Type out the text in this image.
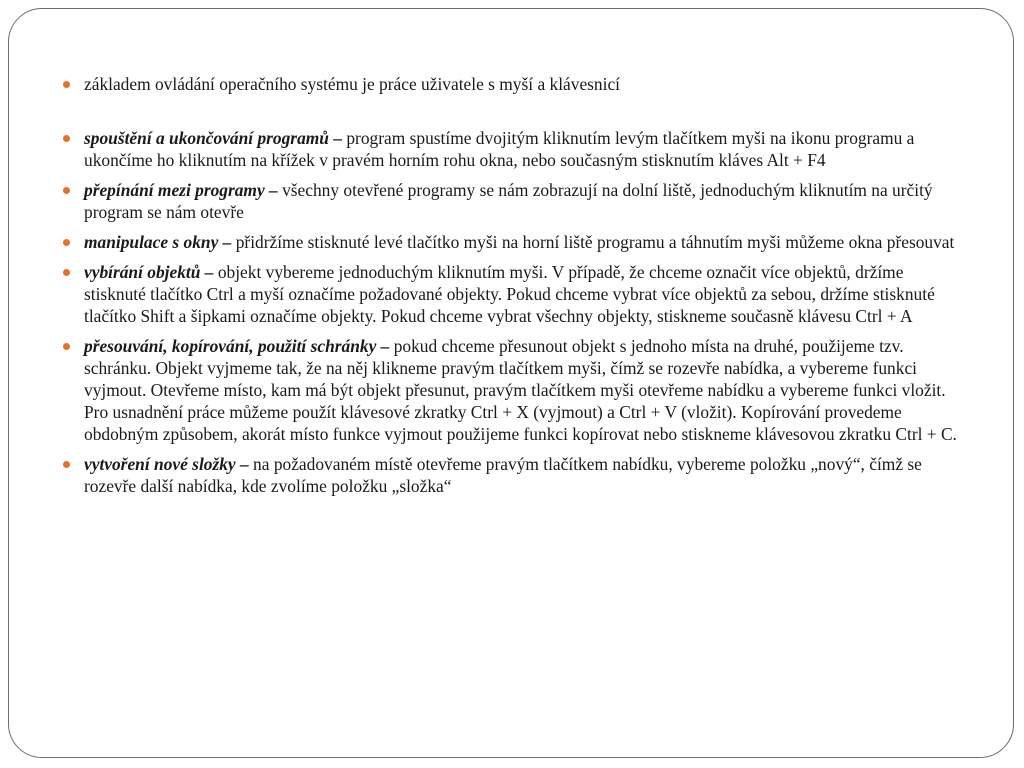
základem ovládání operačního systému je práce uživatele s myší a klávesnicí
spouštění a ukončování programů – program spustíme dvojitým kliknutím levým tlačítkem myši na ikonu programu a ukončíme ho kliknutím na křížek v pravém horním rohu okna, nebo současným stisknutím kláves Alt + F4
přepínání mezi programy – všechny otevřené programy se nám zobrazují na dolní liště, jednoduchým kliknutím na určitý program se nám otevře
manipulace s okny – přidržíme stisknuté levé tlačítko myši na horní liště programu a táhnutím myši můžeme okna přesouvat
vybírání objektů – objekt vybereme jednoduchým kliknutím myši. V případě, že chceme označit více objektů, držíme stisknuté tlačítko Ctrl a myší označíme požadované objekty. Pokud chceme vybrat více objektů za sebou, držíme stisknuté tlačítko Shift a šipkami označíme objekty. Pokud chceme vybrat všechny objekty, stiskneme současně klávesu Ctrl + A
přesouvání, kopírování, použití schránky – pokud chceme přesunout objekt s jednoho místa na druhé, použijeme tzv. schránku. Objekt vyjmeme tak, že na něj klikneme pravým tlačítkem myši, čímž se rozevře nabídka, a vybereme funkci vyjmout. Otevřeme místo, kam má být objekt přesunut, pravým tlačítkem myši otevřeme nabídku a vybereme funkci vložit. Pro usnadnění práce můžeme použít klávesové zkratky Ctrl + X (vyjmout) a Ctrl + V (vložit). Kopírování provedeme obdobným způsobem, akorát místo funkce vyjmout použijeme funkci kopírovat nebo stiskneme klávesovou zkratku Ctrl + C.
vytvoření nové složky – na požadovaném místě otevřeme pravým tlačítkem nabídku, vybereme položku „nový“, čímž se rozevře další nabídka, kde zvolíme položku „složka“
